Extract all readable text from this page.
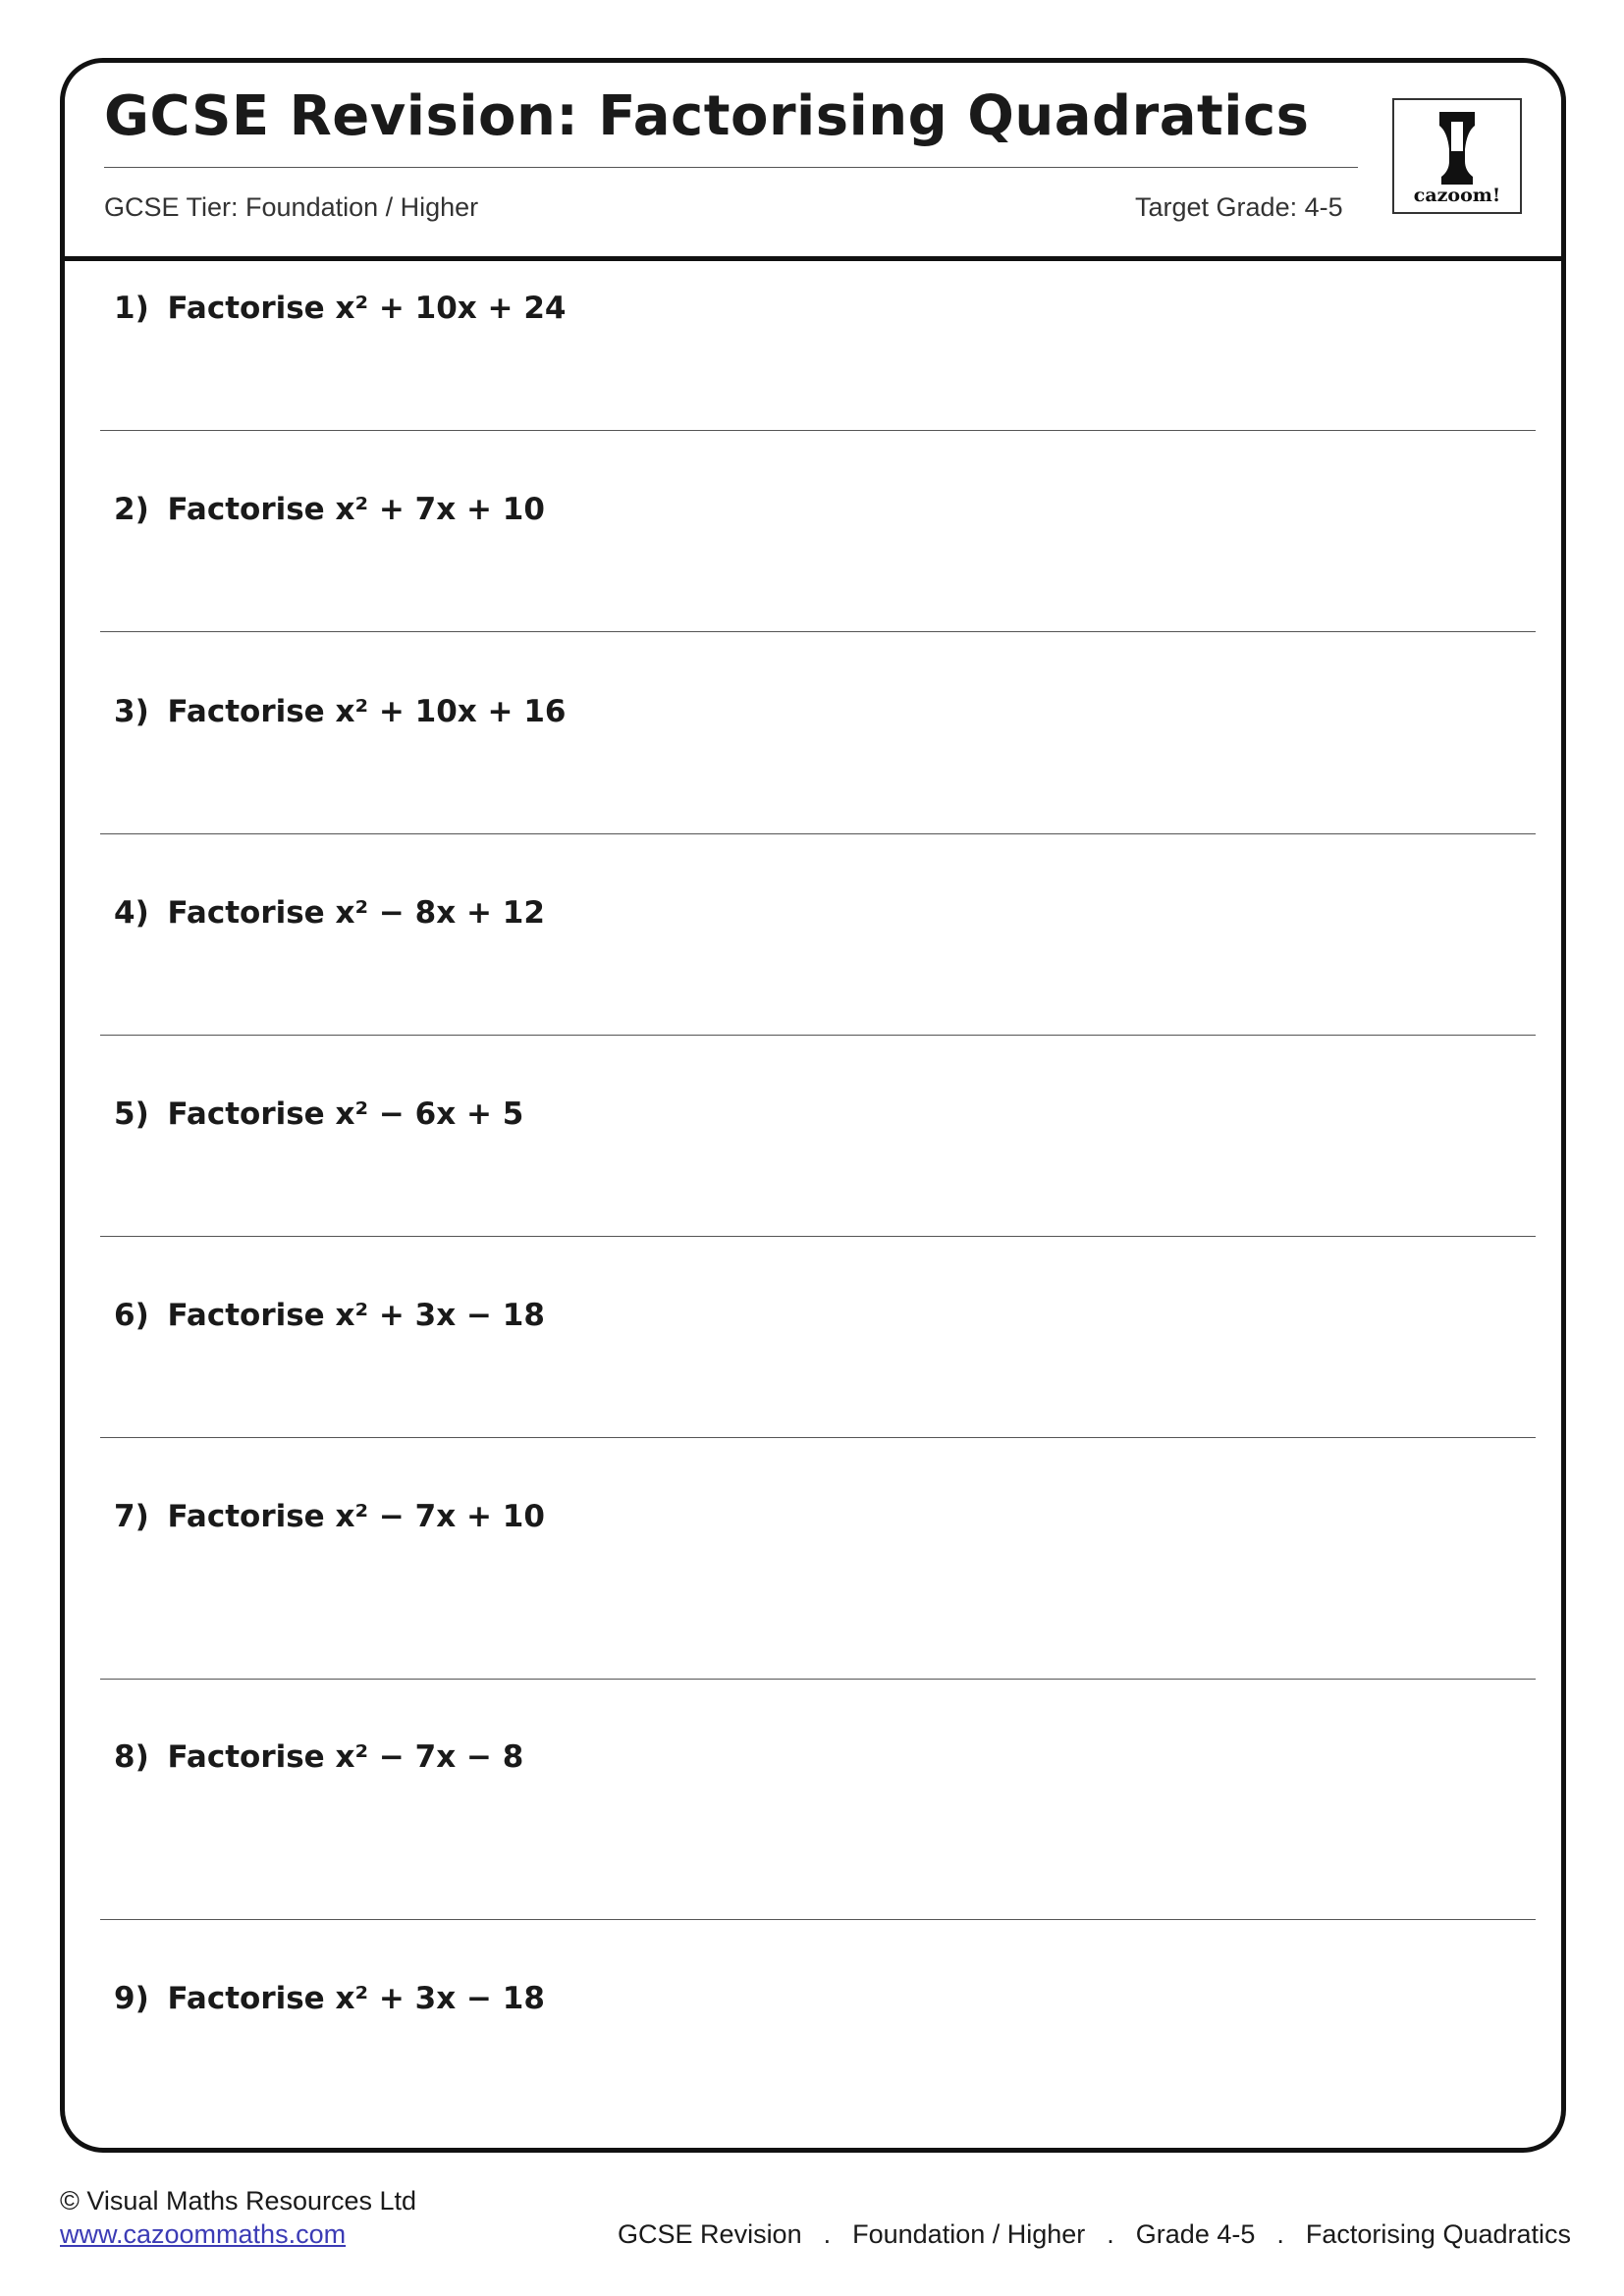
GCSE Revision: Factorising Quadratics
GCSE Tier: Foundation / Higher	Target Grade: 4-5	cazoom!

1) Factorise x² + 10x + 24

2) Factorise x² + 7x + 10

3) Factorise x² + 10x + 16

4) Factorise x² − 8x + 12

5) Factorise x² − 6x + 5

6) Factorise x² + 3x − 18

7) Factorise x² − 7x + 10

8) Factorise x² − 7x − 8

9) Factorise x² + 3x − 18

© Visual Maths Resources Ltd
www.cazoommaths.com	GCSE Revision . Foundation / Higher . Grade 4-5 . Factorising Quadratics
